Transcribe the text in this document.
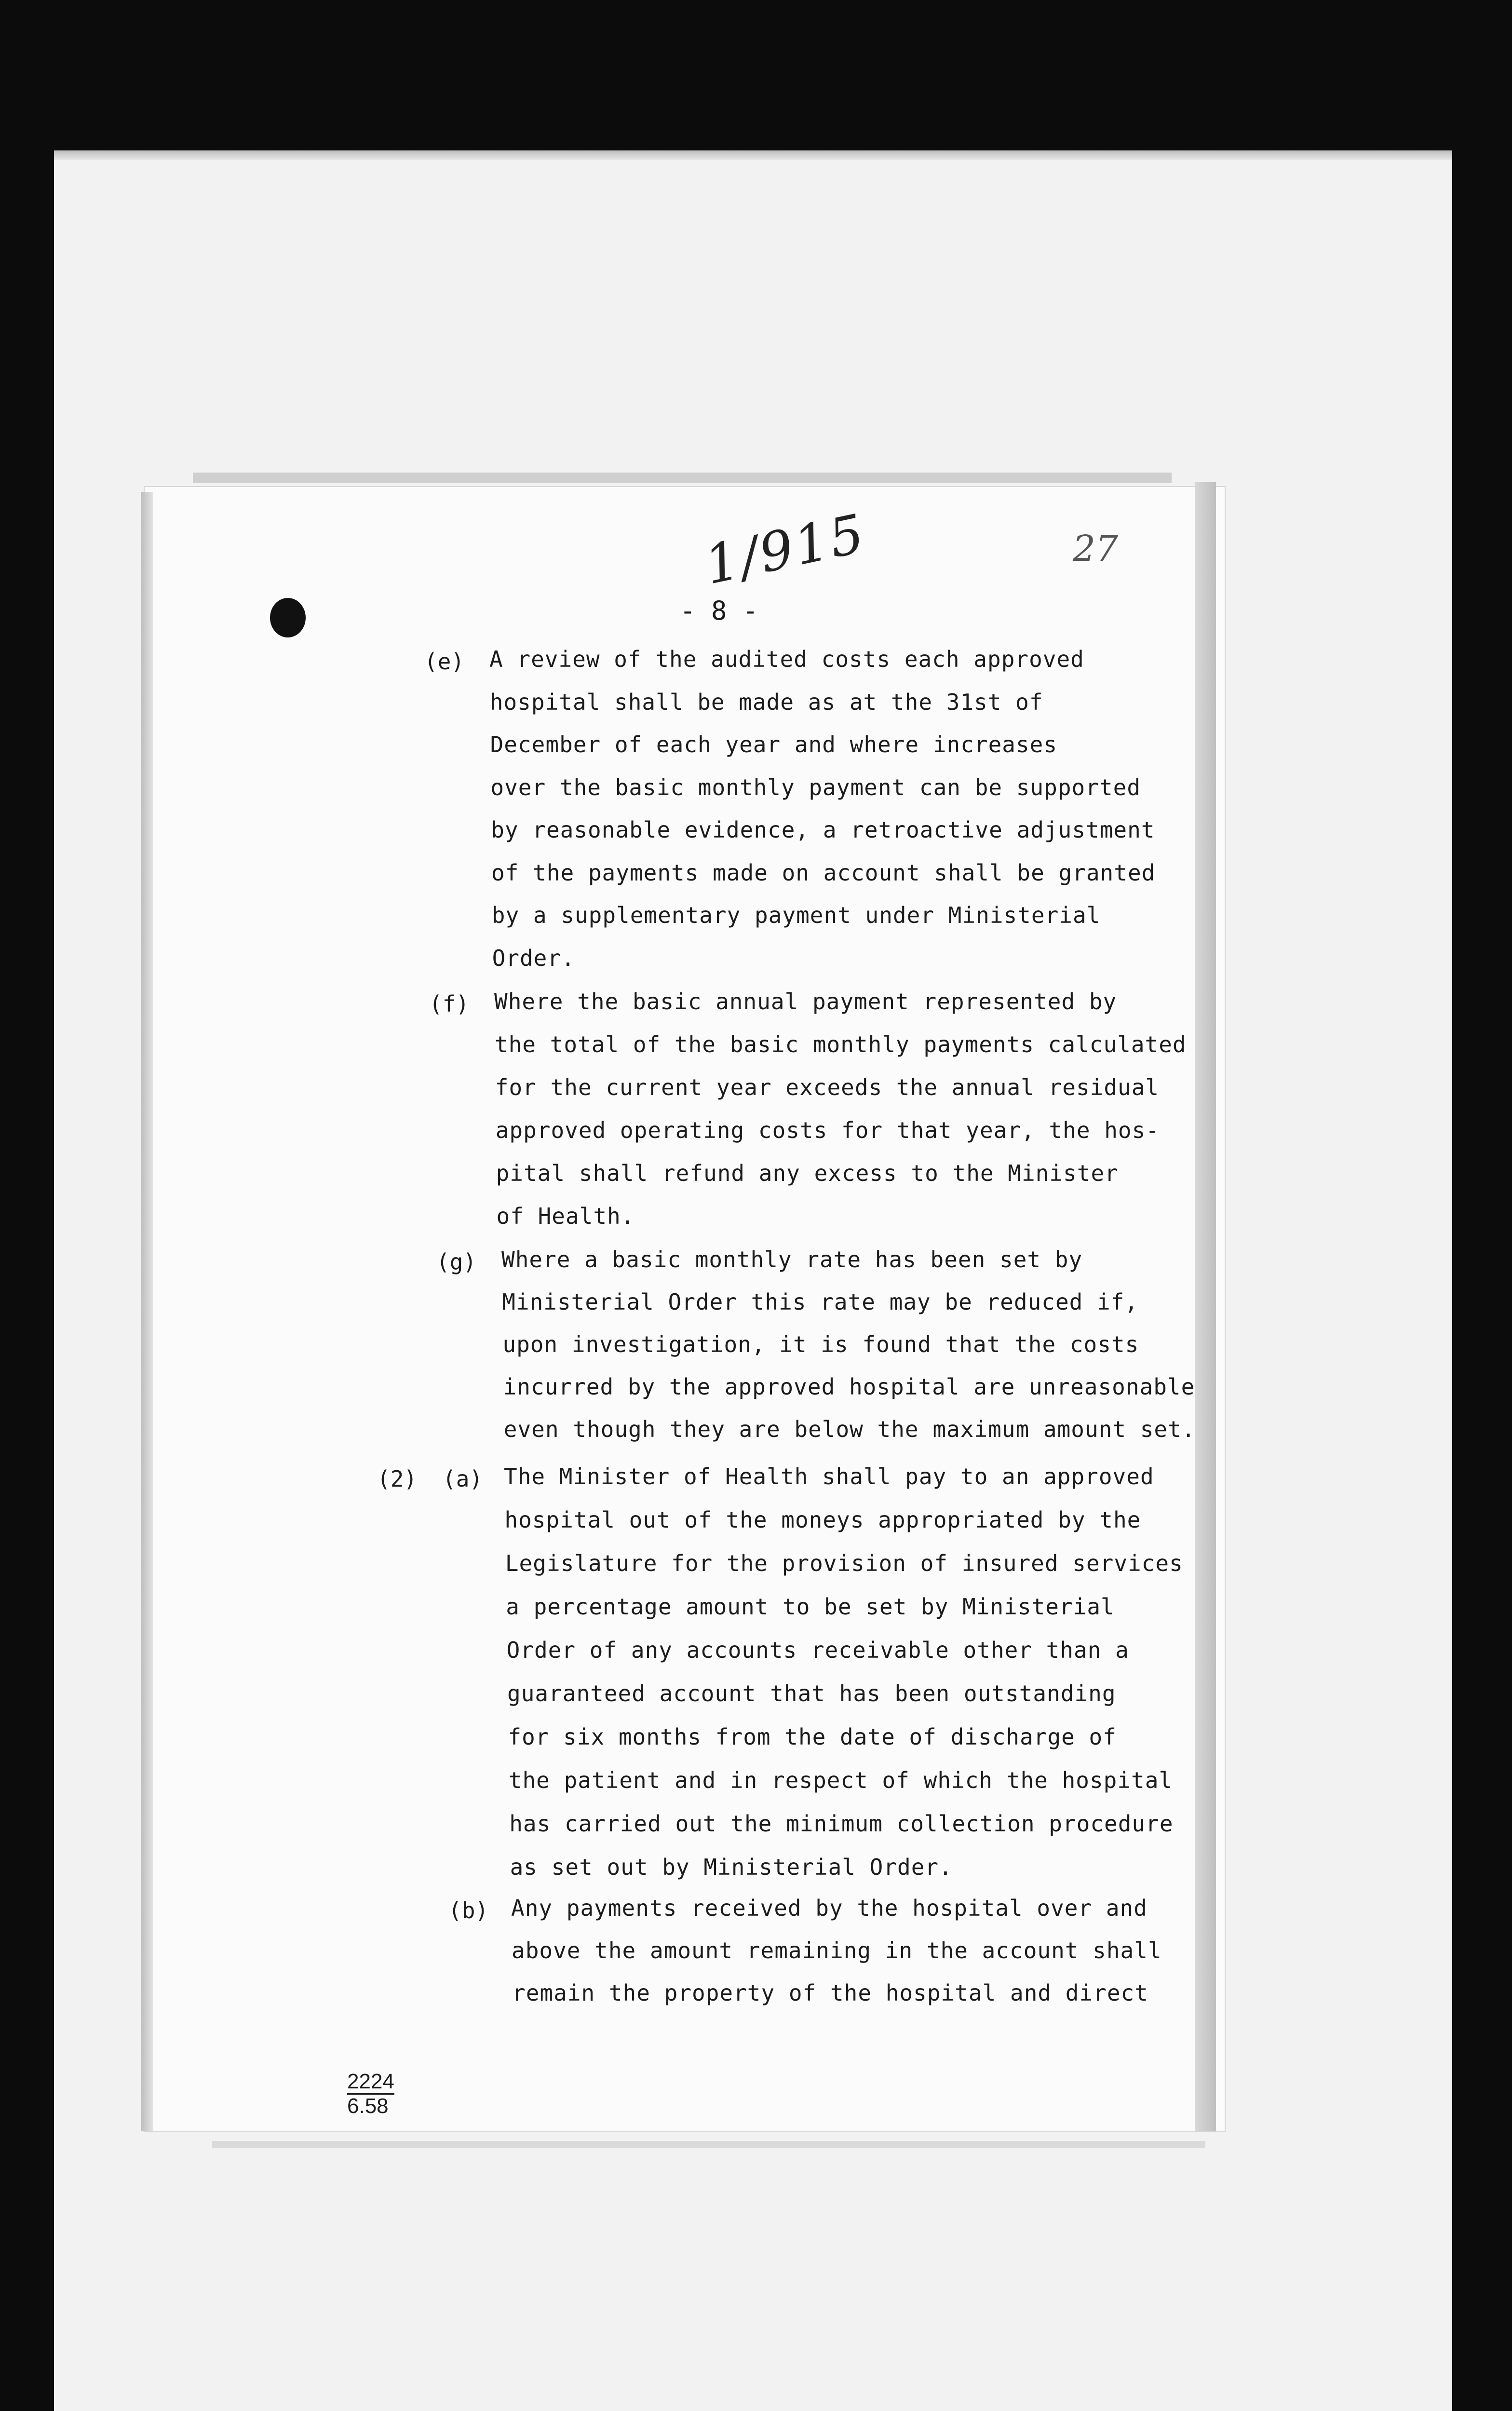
1/915	27
- 8 -
(e) A review of the audited costs each approved
hospital shall be made as at the 31st of
December of each year and where increases
over the basic monthly payment can be supported
by reasonable evidence, a retroactive adjustment
of the payments made on account shall be granted
by a supplementary payment under Ministerial
Order.
(f) Where the basic annual payment represented by
the total of the basic monthly payments calculated
for the current year exceeds the annual residual
approved operating costs for that year, the hos-
pital shall refund any excess to the Minister
of Health.
(g) Where a basic monthly rate has been set by
Ministerial Order this rate may be reduced if,
upon investigation, it is found that the costs
incurred by the approved hospital are unreasonable
even though they are below the maximum amount set.
(2) (a) The Minister of Health shall pay to an approved
hospital out of the moneys appropriated by the
Legislature for the provision of insured services
a percentage amount to be set by Ministerial
Order of any accounts receivable other than a
guaranteed account that has been outstanding
for six months from the date of discharge of
the patient and in respect of which the hospital
has carried out the minimum collection procedure
as set out by Ministerial Order.
(b) Any payments received by the hospital over and
above the amount remaining in the account shall
remain the property of the hospital and direct
2224
6.58
